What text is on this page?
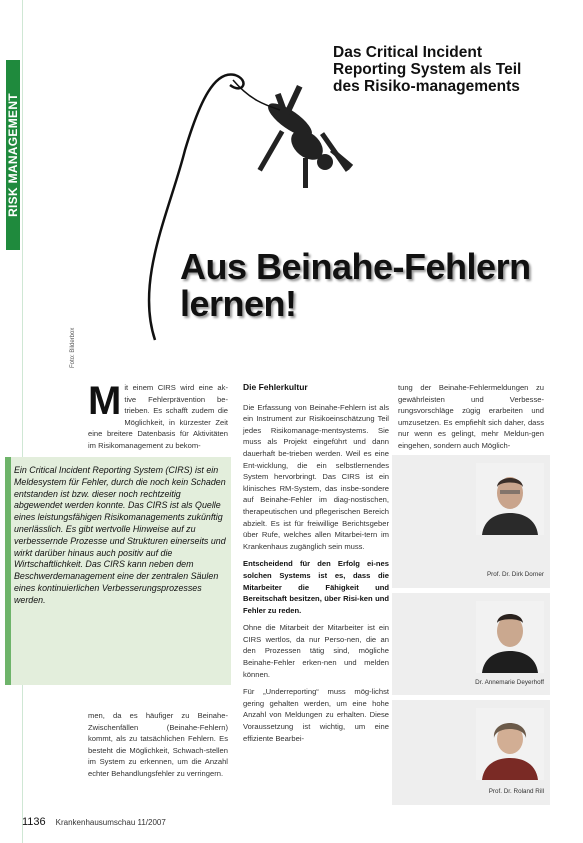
RISK MANAGEMENT
Das Critical Incident Reporting System als Teil des Risiko-managements
Aus Beinahe-Fehlern lernen!
Foto: Bilderbox
M it einem CIRS wird eine ak-tive Fehlerprävention be-trieben. Es schafft zudem die Möglichkeit, in kürzester Zeit eine breitere Datenbasis für Aktivitäten im Risikomanagement zu bekom-

Ein Critical Incident Reporting System (CIRS) ist ein Meldesystem für Fehler, durch die noch kein Schaden entstanden ist bzw. dieser noch rechtzeitig abgewendet werden konnte. Das CIRS ist als Quelle eines leistungsfähigen Risikomanagements zukünftig unerlässlich. Es gibt wertvolle Hinweise auf zu verbessernde Prozesse und Strukturen einerseits und wirkt darüber hinaus auch positiv auf die Wirtschaftlichkeit. Das CIRS kann neben dem Beschwerdemanagement eine der zentralen Säulen eines kontinuierlichen Verbesserungsprozesses werden.

men, da es häufiger zu Beinahe-Zwischenfällen (Beinahe-Fehlern) kommt, als zu tatsächlichen Fehlern. Es besteht die Möglichkeit, Schwach-stellen im System zu erkennen, um die Anzahl echter Behandlungsfehler zu verringern.

Die Fehlerkultur

Die Erfassung von Beinahe-Fehlern ist als ein Instrument zur Risikoeinschätzung Teil jedes Risikomanage-mentsystems. Sie muss als Projekt eingeführt und dann dauerhaft be-trieben werden. Weil es eine Ent-wicklung, die ein selbstlernendes System hervorbringt. Das CIRS ist ein klinisches RM-System, das insbe-sondere auf Beinahe-Fehler im diag-nostischen, therapeutischen und pflegerischen Bereich abzielt. Es ist für freiwillige Berichtsgeber über Rufe, welches allen Mitarbei-tern im Krankenhaus zugänglich sein muss.

Entscheidend für den Erfolg ei-nes solchen Systems ist es, dass die Mitarbeiter die Fähigkeit und Bereitschaft besitzen, über Risi-ken und Fehler zu reden.

Ohne die Mitarbeit der Mitarbeiter ist ein CIRS wertlos, da nur Perso-nen, die an den Prozessen tätig sind, mögliche Beinahe-Fehler erken-nen und melden können.

Für „Underreporting“ muss mög-lichst gering gehalten werden, um eine hohe Anzahl von Meldungen zu erhalten. Diese Voraussetzung ist wichtig, um eine effiziente Bearbei-

tung der Beinahe-Fehlermeldungen zu gewährleisten und Verbesse-rungsvorschläge zügig erarbeiten und umzusetzen. Es empfiehlt sich daher, dass nur wenn es gelingt, mehr Meldun-gen eingehen, sondern auch Möglich-

Prof. Dr. Dirk Dorner
Dr. Annemarie Deyerhoff
Prof. Dr. Roland Rill
1136 Krankenhausumschau 11/2007
